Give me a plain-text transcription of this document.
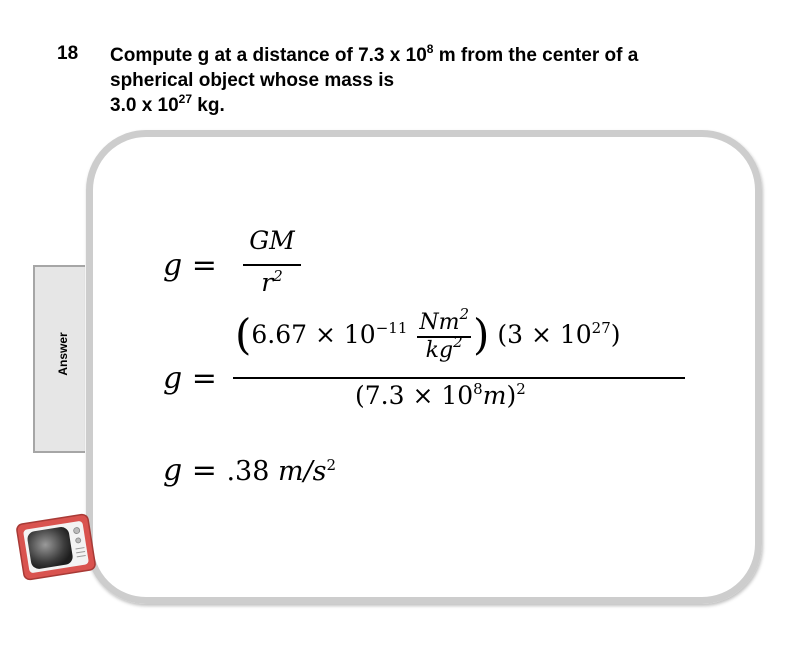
18 Compute g at a distance of 7.3 x $10^8$ m from the center of a
spherical object whose mass is
3.0 x $10^{27}$ kg.
Answer
g =
GM
$r^2$
g =
($6.67 \times 10^{-11} \frac{Nm^2}{kg^2}$ ) $(3 \times 10^{27})$
$(7.3 \times 10^8m)^2$
g = .38 $m/s^2$
